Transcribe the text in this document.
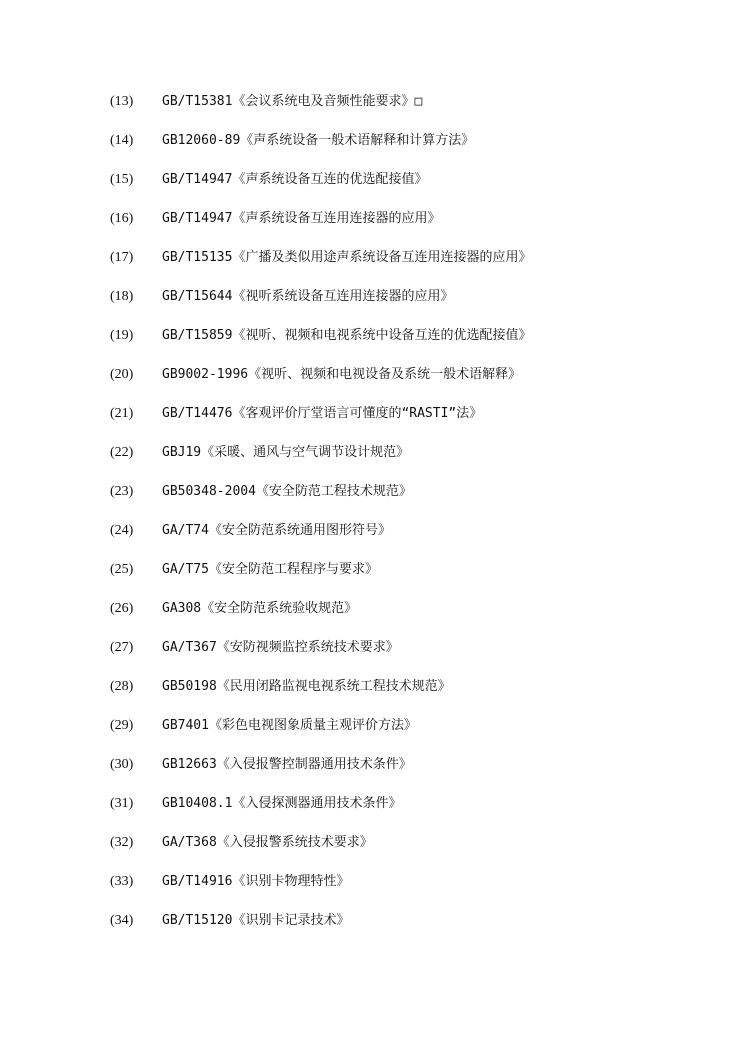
(13)	GB/T15381《会议系统电及音频性能要求》□
(14)	GB12060-89《声系统设备一般术语解释和计算方法》
(15)	GB/T14947《声系统设备互连的优选配接值》
(16)	GB/T14947《声系统设备互连用连接器的应用》
(17)	GB/T15135《广播及类似用途声系统设备互连用连接器的应用》
(18)	GB/T15644《视听系统设备互连用连接器的应用》
(19)	GB/T15859《视听、视频和电视系统中设备互连的优选配接值》
(20)	GB9002-1996《视听、视频和电视设备及系统一般术语解释》
(21)	GB/T14476《客观评价厅堂语言可懂度的“RASTI”法》
(22)	GBJ19《采暖、通风与空气调节设计规范》
(23)	GB50348-2004《安全防范工程技术规范》
(24)	GA/T74《安全防范系统通用图形符号》
(25)	GA/T75《安全防范工程程序与要求》
(26)	GA308《安全防范系统验收规范》
(27)	GA/T367《安防视频监控系统技术要求》
(28)	GB50198《民用闭路监视电视系统工程技术规范》
(29)	GB7401《彩色电视图象质量主观评价方法》
(30)	GB12663《入侵报警控制器通用技术条件》
(31)	GB10408.1《入侵探测器通用技术条件》
(32)	GA/T368《入侵报警系统技术要求》
(33)	GB/T14916《识别卡物理特性》
(34)	GB/T15120《识别卡记录技术》
